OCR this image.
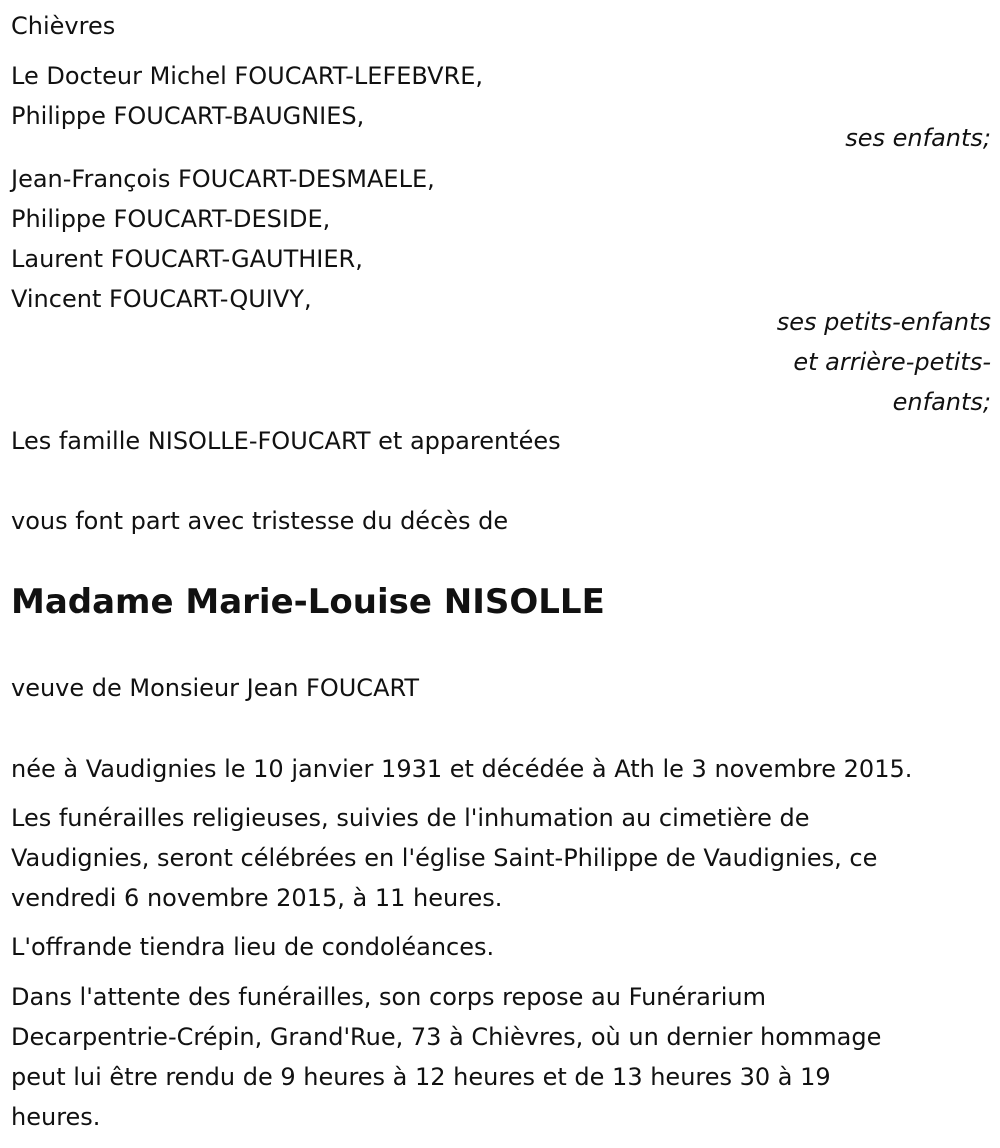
Chièvres
Le Docteur Michel FOUCART-LEFEBVRE,
Philippe FOUCART-BAUGNIES,
ses enfants;
Jean-François FOUCART-DESMAELE,
Philippe FOUCART-DESIDE,
Laurent FOUCART-GAUTHIER,
Vincent FOUCART-QUIVY,
ses petits-enfants
et arrière-petits-
enfants;
Les famille NISOLLE-FOUCART et apparentées
vous font part avec tristesse du décès de
Madame Marie-Louise NISOLLE
veuve de Monsieur Jean FOUCART
née à Vaudignies le 10 janvier 1931 et décédée à Ath le 3 novembre 2015.
Les funérailles religieuses, suivies de l'inhumation au cimetière de
Vaudignies, seront célébrées en l'église Saint-Philippe de Vaudignies, ce
vendredi 6 novembre 2015, à 11 heures.
L'offrande tiendra lieu de condoléances.
Dans l'attente des funérailles, son corps repose au Funérarium
Decarpentrie-Crépin, Grand'Rue, 73 à Chièvres, où un dernier hommage
peut lui être rendu de 9 heures à 12 heures et de 13 heures 30 à 19
heures.
